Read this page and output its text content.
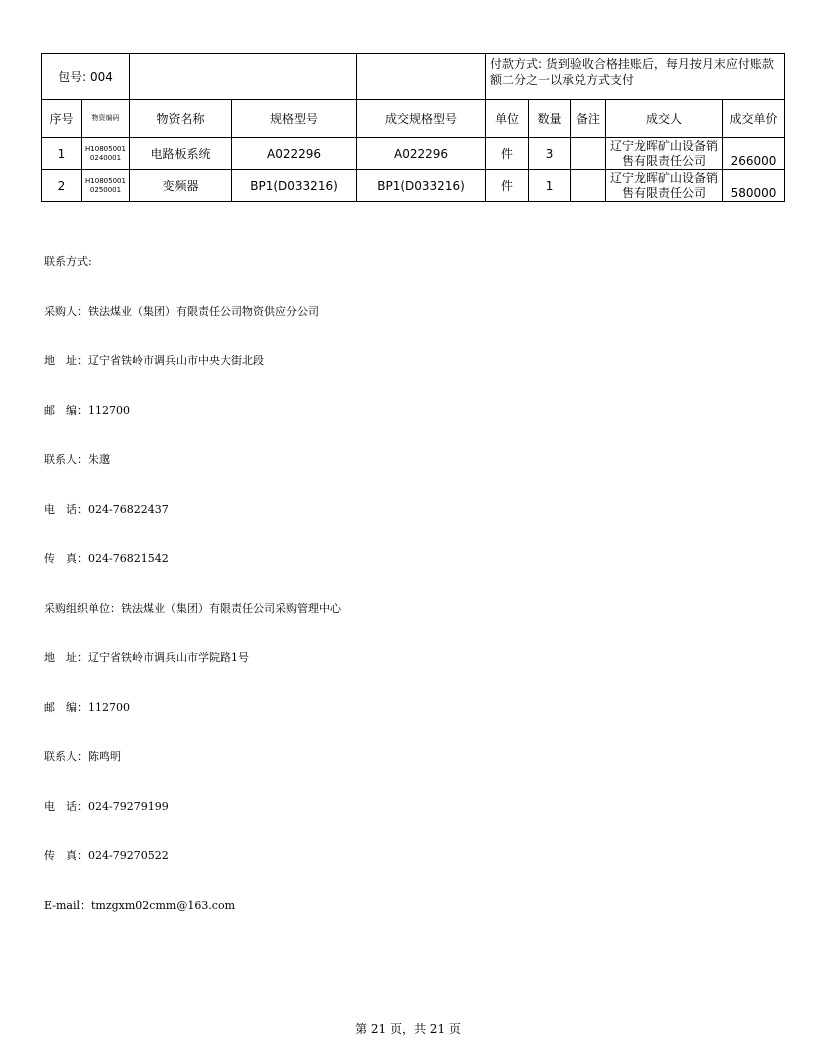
包号: 004					付款方式: 货到验收合格挂账后，每月按月末应付账款额二分之一以承兑方式支付				
序号	物资编码	物资名称	规格型号	成交规格型号	单位	数量	备注	成交人	成交单价
1	H108050010240001	电路板系统	A022296	A022296	件	3		辽宁龙晖矿山设备销售有限责任公司	266000
2	H108050010250001	变频器	BP1(D033216)	BP1(D033216)	件	1		辽宁龙晖矿山设备销售有限责任公司	580000

联系方式:

采购人：铁法煤业（集团）有限责任公司物资供应分公司

地　址：辽宁省铁岭市调兵山市中央大街北段

邮　编：112700

联系人：朱邈

电　话：024-76822437

传　真：024-76821542

采购组织单位：铁法煤业（集团）有限责任公司采购管理中心

地　址：辽宁省铁岭市调兵山市学院路1号

邮　编：112700

联系人：陈鸣明

电　话：024-79279199

传　真：024-79270522

E-mail：tmzgxm02cmm@163.com

第 21 页，共 21 页
